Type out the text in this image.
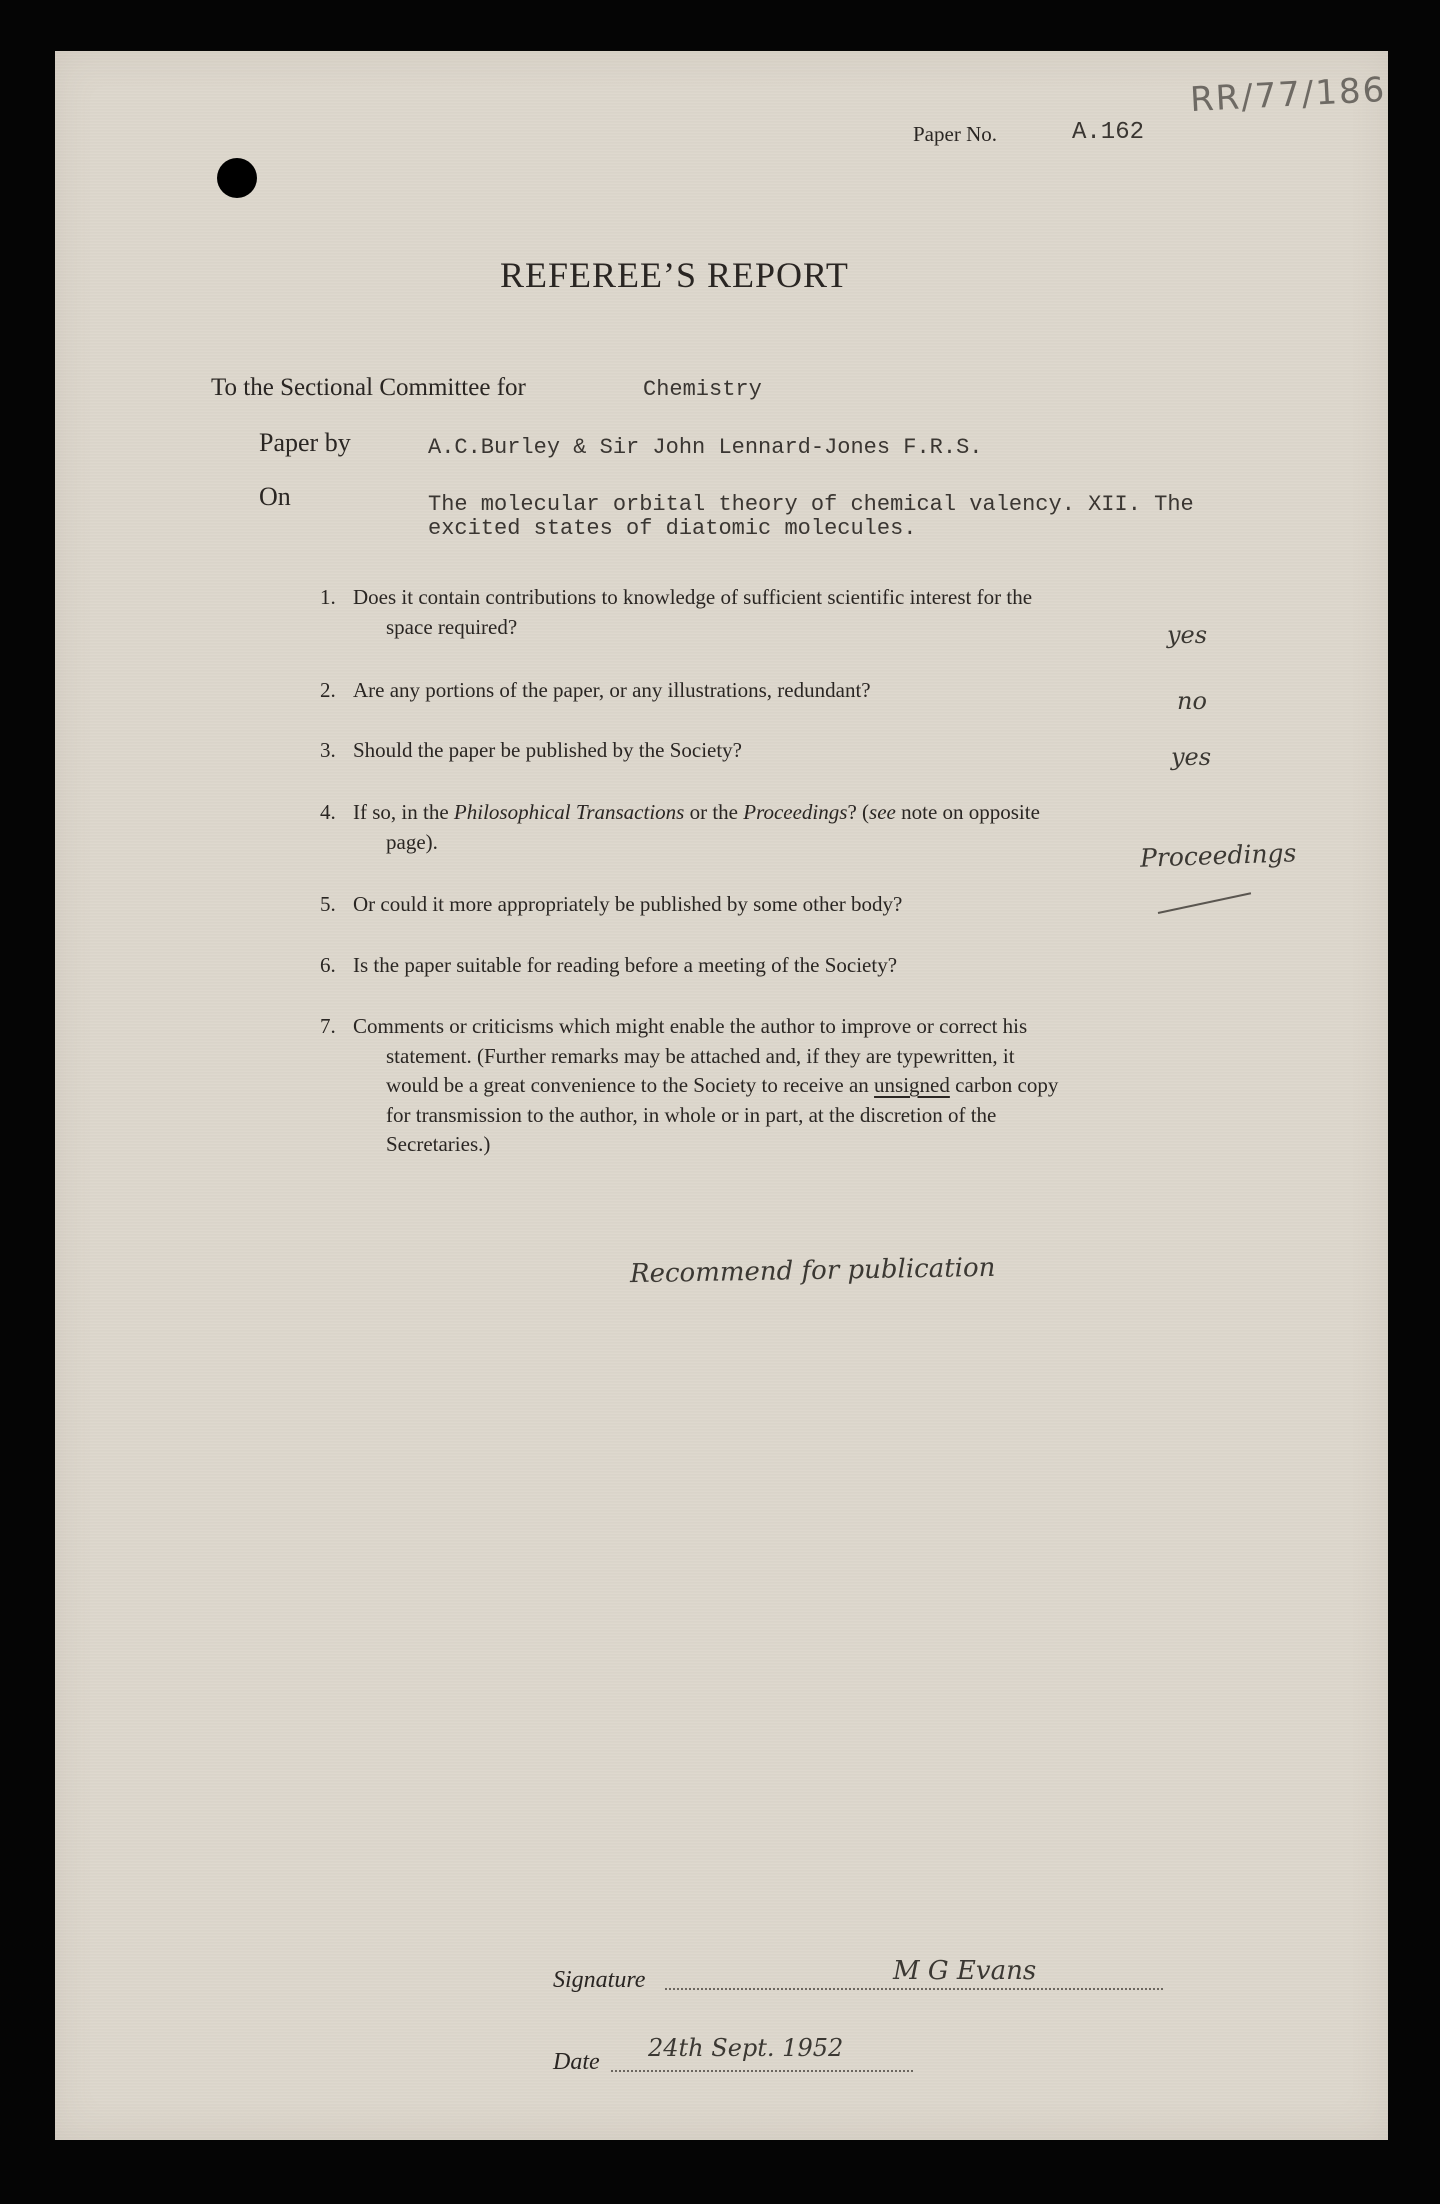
RR/77/186
Paper No.	A.162
REFEREE’S REPORT
To the Sectional Committee for	Chemistry
Paper by	A.C.Burley & Sir John Lennard-Jones F.R.S.
On	The molecular orbital theory of chemical valency. XII. The
excited states of diatomic molecules.
1. Does it contain contributions to knowledge of sufficient scientific interest for the
space required?	yes
2. Are any portions of the paper, or any illustrations, redundant?	no
3. Should the paper be published by the Society?	yes
4. If so, in the Philosophical Transactions or the Proceedings? (see note on opposite
page).	Proceedings
5. Or could it more appropriately be published by some other body?
6. Is the paper suitable for reading before a meeting of the Society?
7. Comments or criticisms which might enable the author to improve or correct his
statement. (Further remarks may be attached and, if they are typewritten, it
would be a great convenience to the Society to receive an unsigned carbon copy
for transmission to the author, in whole or in part, at the discretion of the
Secretaries.)
Recommend for publication
Signature	M G Evans
Date 24th Sept. 1952
